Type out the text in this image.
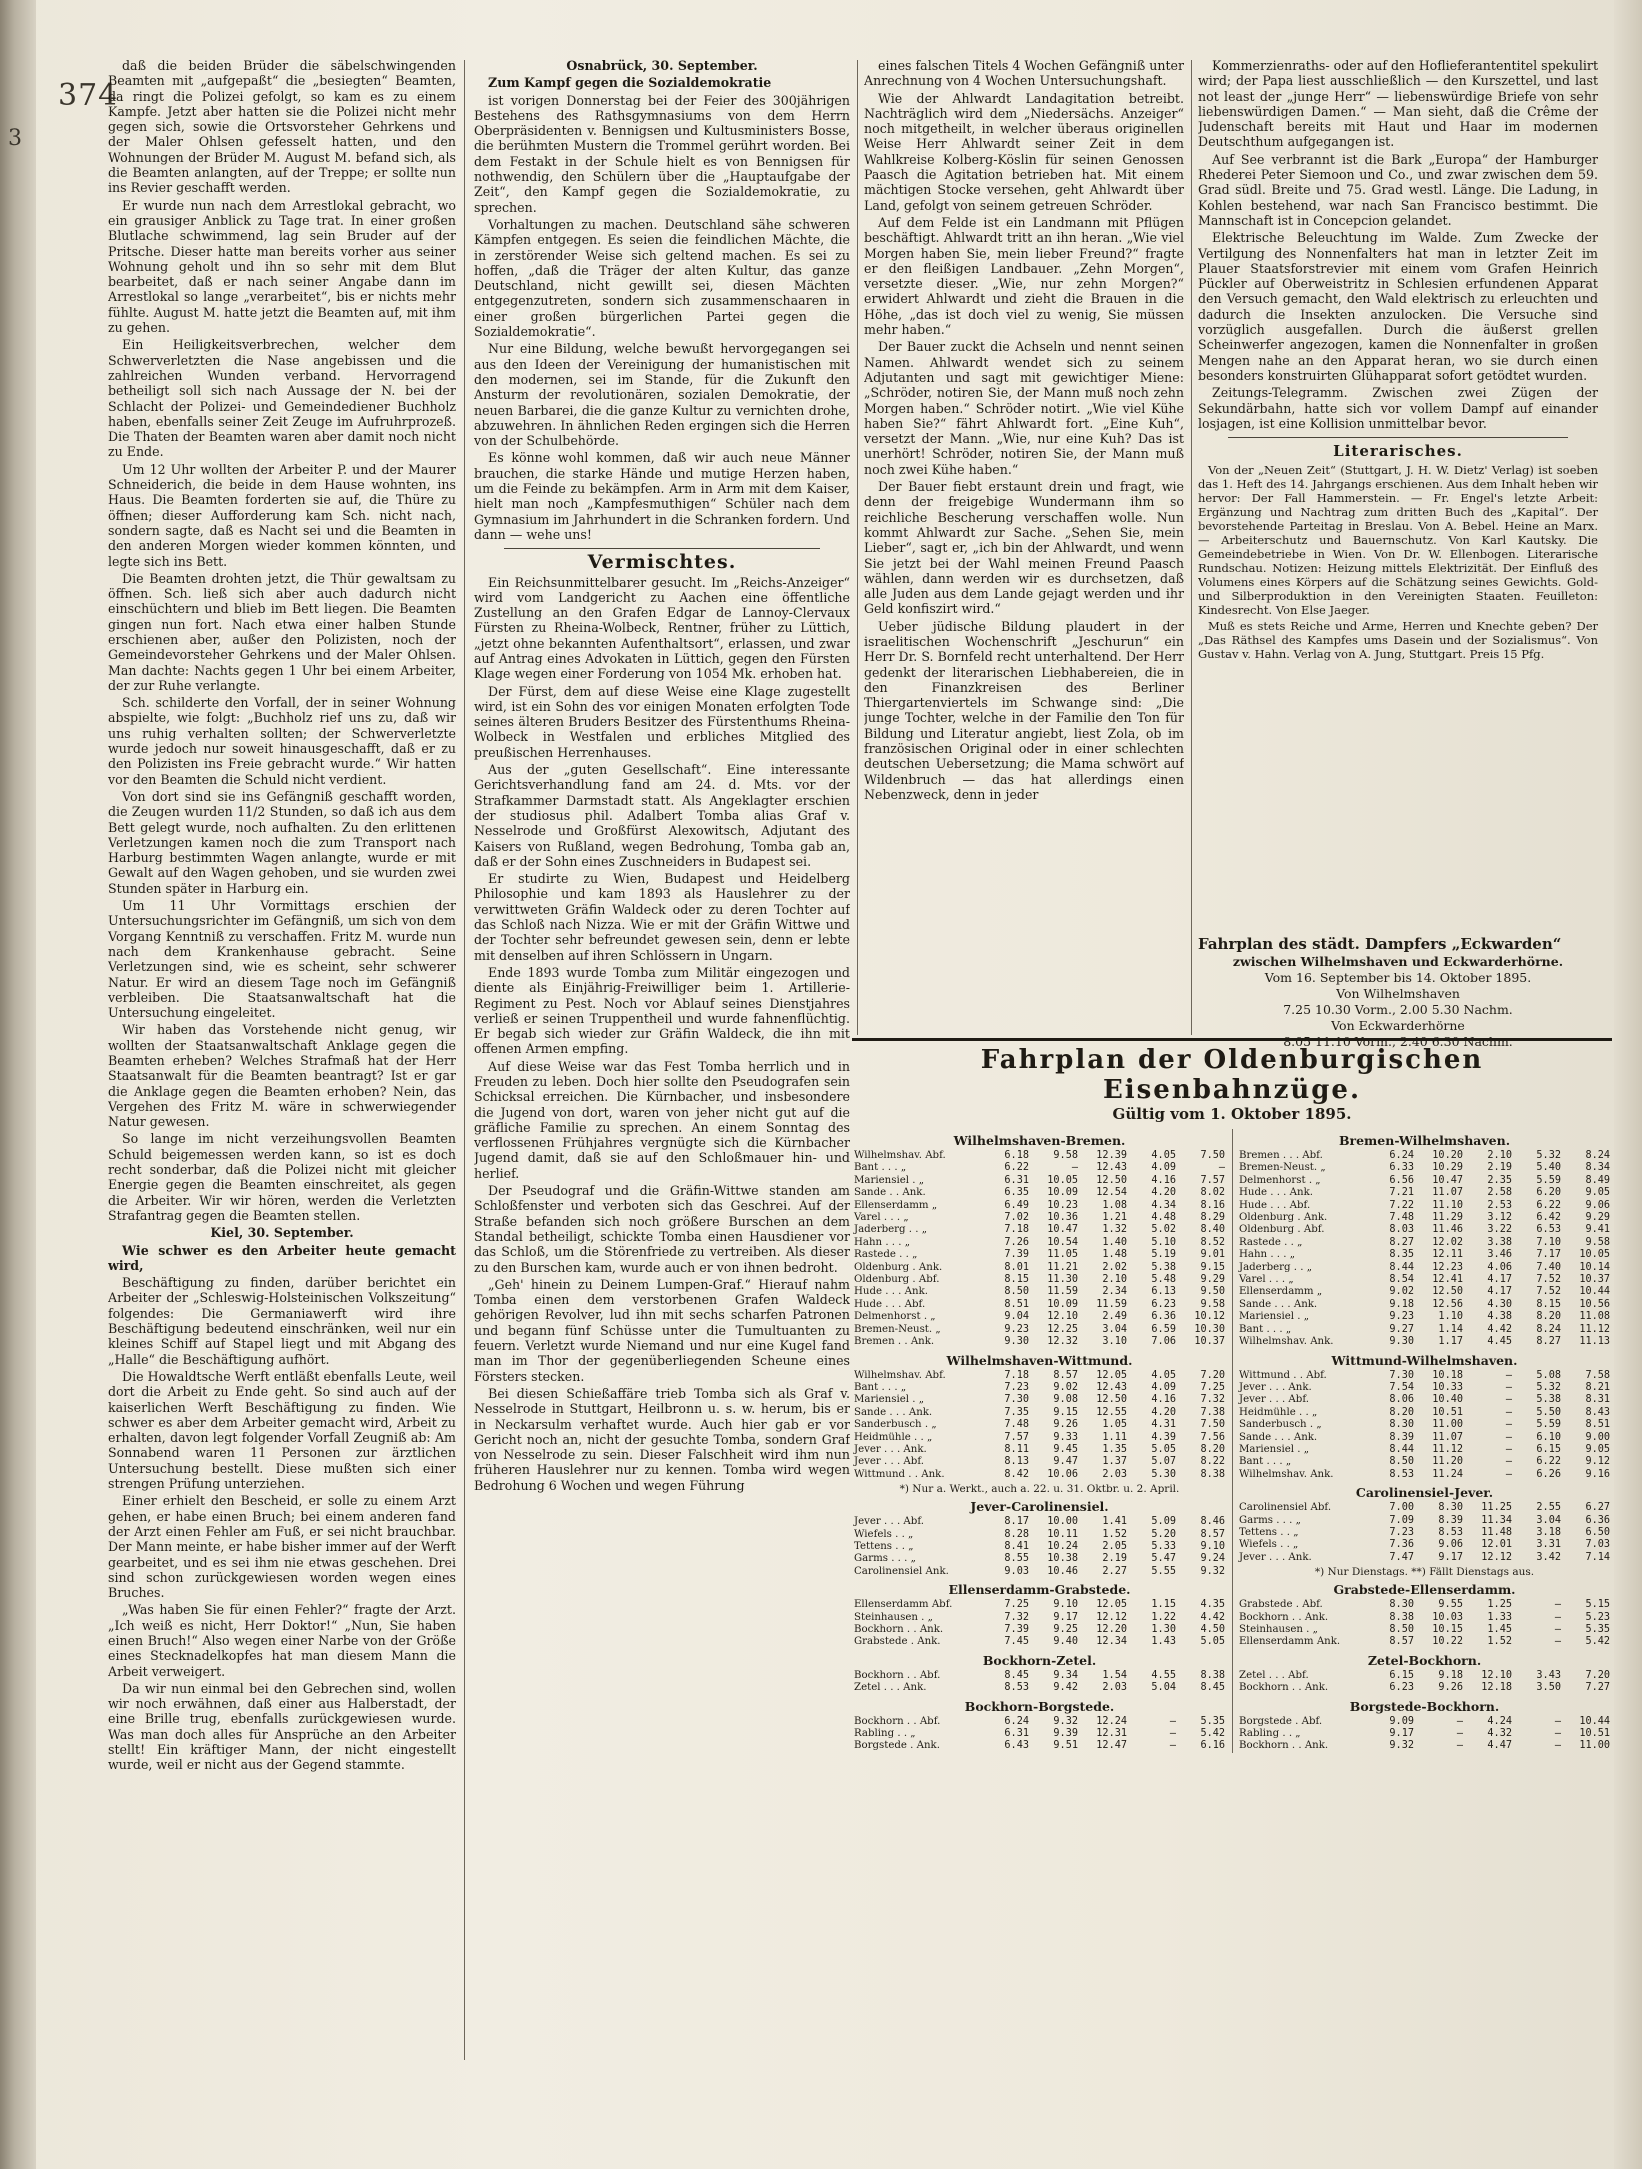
374
3

daß die beiden Brüder die säbelschwingenden Beamten mit „aufgepaßt“ die „besiegten“ Beamten, da ringt die Polizei gefolgt, so kam es zu einem Kampfe. Jetzt aber hatten sie die Polizei nicht mehr gegen sich, sowie die Ortsvorsteher Gehrkens und der Maler Ohlsen gefesselt hatten, und den Wohnungen der Brüder M. August M. befand sich, als die Beamten anlangten, auf der Treppe; er sollte nun ins Revier geschafft werden.

Er wurde nun nach dem Arrestlokal gebracht, wo ein grausiger Anblick zu Tage trat. In einer großen Blutlache schwimmend, lag sein Bruder auf der Pritsche. Dieser hatte man bereits vorher aus seiner Wohnung geholt und ihn so sehr mit dem Blut bearbeitet, daß er nach seiner Angabe dann im Arrestlokal so lange „verarbeitet“, bis er nichts mehr fühlte. August M. hatte jetzt die Beamten auf, mit ihm zu gehen.

Ein Heiligkeitsverbrechen, welcher dem Schwerverletzten die Nase angebissen und die zahlreichen Wunden verband. Hervorragend betheiligt soll sich nach Aussage der N. bei der Schlacht der Polizei- und Gemeindediener Buchholz haben, ebenfalls seiner Zeit Zeuge im Aufruhrprozeß. Die Thaten der Beamten waren aber damit noch nicht zu Ende.

Um 12 Uhr wollten der Arbeiter P. und der Maurer Schneiderich, die beide in dem Hause wohnten, ins Haus. Die Beamten forderten sie auf, die Thüre zu öffnen; dieser Aufforderung kam Sch. nicht nach, sondern sagte, daß es Nacht sei und die Beamten in den anderen Morgen wieder kommen könnten, und legte sich ins Bett.

Die Beamten drohten jetzt, die Thür gewaltsam zu öffnen. Sch. ließ sich aber auch dadurch nicht einschüchtern und blieb im Bett liegen. Die Beamten gingen nun fort. Nach etwa einer halben Stunde erschienen aber, außer den Polizisten, noch der Gemeindevorsteher Gehrkens und der Maler Ohlsen. Man dachte: Nachts gegen 1 Uhr bei einem Arbeiter, der zur Ruhe verlangte.

Sch. schilderte den Vorfall, der in seiner Wohnung abspielte, wie folgt: „Buchholz rief uns zu, daß wir uns ruhig verhalten sollten; der Schwerverletzte wurde jedoch nur soweit hinausgeschafft, daß er zu den Polizisten ins Freie gebracht wurde.“ Wir hatten vor den Beamten die Schuld nicht verdient.

Von dort sind sie ins Gefängniß geschafft worden, die Zeugen wurden 11/2 Stunden, so daß ich aus dem Bett gelegt wurde, noch aufhalten. Zu den erlittenen Verletzungen kamen noch die zum Transport nach Harburg bestimmten Wagen anlangte, wurde er mit Gewalt auf den Wagen gehoben, und sie wurden zwei Stunden später in Harburg ein.

Um 11 Uhr Vormittags erschien der Untersuchungsrichter im Gefängniß, um sich von dem Vorgang Kenntniß zu verschaffen. Fritz M. wurde nun nach dem Krankenhause gebracht. Seine Verletzungen sind, wie es scheint, sehr schwerer Natur. Er wird an diesem Tage noch im Gefängniß verbleiben. Die Staatsanwaltschaft hat die Untersuchung eingeleitet.

Wir haben das Vorstehende nicht genug, wir wollten der Staatsanwaltschaft Anklage gegen die Beamten erheben? Welches Strafmaß hat der Herr Staatsanwalt für die Beamten beantragt? Ist er gar die Anklage gegen die Beamten erhoben? Nein, das Vergehen des Fritz M. wäre in schwerwiegender Natur gewesen.

So lange im nicht verzeihungsvollen Beamten Schuld beigemessen werden kann, so ist es doch recht sonderbar, daß die Polizei nicht mit gleicher Energie gegen die Beamten einschreitet, als gegen die Arbeiter. Wir wir hören, werden die Verletzten Strafantrag gegen die Beamten stellen.

Kiel, 30. September.

Wie schwer es den Arbeiter heute gemacht wird,

Beschäftigung zu finden, darüber berichtet ein Arbeiter der „Schleswig-Holsteinischen Volkszeitung“ folgendes: Die Germaniawerft wird ihre Beschäftigung bedeutend einschränken, weil nur ein kleines Schiff auf Stapel liegt und mit Abgang des „Halle“ die Beschäftigung aufhört.

Die Howaldtsche Werft entläßt ebenfalls Leute, weil dort die Arbeit zu Ende geht. So sind auch auf der kaiserlichen Werft Beschäftigung zu finden. Wie schwer es aber dem Arbeiter gemacht wird, Arbeit zu erhalten, davon legt folgender Vorfall Zeugniß ab: Am Sonnabend waren 11 Personen zur ärztlichen Untersuchung bestellt. Diese mußten sich einer strengen Prüfung unterziehen.

Einer erhielt den Bescheid, er solle zu einem Arzt gehen, er habe einen Bruch; bei einem anderen fand der Arzt einen Fehler am Fuß, er sei nicht brauchbar. Der Mann meinte, er habe bisher immer auf der Werft gearbeitet, und es sei ihm nie etwas geschehen. Drei sind schon zurückgewiesen worden wegen eines Bruches.

„Was haben Sie für einen Fehler?“ fragte der Arzt. „Ich weiß es nicht, Herr Doktor!“ „Nun, Sie haben einen Bruch!“ Also wegen einer Narbe von der Größe eines Stecknadelkopfes hat man diesem Mann die Arbeit verweigert.

Da wir nun einmal bei den Gebrechen sind, wollen wir noch erwähnen, daß einer aus Halberstadt, der eine Brille trug, ebenfalls zurückgewiesen wurde. Was man doch alles für Ansprüche an den Arbeiter stellt! Ein kräftiger Mann, der nicht eingestellt wurde, weil er nicht aus der Gegend stammte.

Osnabrück, 30. September.

Zum Kampf gegen die Sozialdemokratie

ist vorigen Donnerstag bei der Feier des 300jährigen Bestehens des Rathsgymnasiums von dem Herrn Oberpräsidenten v. Bennigsen und Kultusministers Bosse, die berühmten Mustern die Trommel gerührt worden. Bei dem Festakt in der Schule hielt es von Bennigsen für nothwendig, den Schülern über die „Hauptaufgabe der Zeit“, den Kampf gegen die Sozialdemokratie, zu sprechen.

Vorhaltungen zu machen. Deutschland sähe schweren Kämpfen entgegen. Es seien die feindlichen Mächte, die in zerstörender Weise sich geltend machen. Es sei zu hoffen, „daß die Träger der alten Kultur, das ganze Deutschland, nicht gewillt sei, diesen Mächten entgegenzutreten, sondern sich zusammenschaaren in einer großen bürgerlichen Partei gegen die Sozialdemokratie“.

Nur eine Bildung, welche bewußt hervorgegangen sei aus den Ideen der Vereinigung der humanistischen mit den modernen, sei im Stande, für die Zukunft den Ansturm der revolutionären, sozialen Demokratie, der neuen Barbarei, die die ganze Kultur zu vernichten drohe, abzuwehren. In ähnlichen Reden ergingen sich die Herren von der Schulbehörde.

Es könne wohl kommen, daß wir auch neue Männer brauchen, die starke Hände und mutige Herzen haben, um die Feinde zu bekämpfen. Arm in Arm mit dem Kaiser, hielt man noch „Kampfesmuthigen“ Schüler nach dem Gymnasium im Jahrhundert in die Schranken fordern. Und dann — wehe uns!

Vermischtes.

Ein Reichsunmittelbarer gesucht. Im „Reichs-Anzeiger“ wird vom Landgericht zu Aachen eine öffentliche Zustellung an den Grafen Edgar de Lannoy-Clervaux Fürsten zu Rheina-Wolbeck, Rentner, früher zu Lüttich, „jetzt ohne bekannten Aufenthaltsort“, erlassen, und zwar auf Antrag eines Advokaten in Lüttich, gegen den Fürsten Klage wegen einer Forderung von 1054 Mk. erhoben hat.

Der Fürst, dem auf diese Weise eine Klage zugestellt wird, ist ein Sohn des vor einigen Monaten erfolgten Tode seines älteren Bruders Besitzer des Fürstenthums Rheina-Wolbeck in Westfalen und erbliches Mitglied des preußischen Herrenhauses.

Aus der „guten Gesellschaft“. Eine interessante Gerichtsverhandlung fand am 24. d. Mts. vor der Strafkammer Darmstadt statt. Als Angeklagter erschien der studiosus phil. Adalbert Tomba alias Graf v. Nesselrode und Großfürst Alexowitsch, Adjutant des Kaisers von Rußland, wegen Bedrohung, Tomba gab an, daß er der Sohn eines Zuschneiders in Budapest sei.

Er studirte zu Wien, Budapest und Heidelberg Philosophie und kam 1893 als Hauslehrer zu der verwittweten Gräfin Waldeck oder zu deren Tochter auf das Schloß nach Nizza. Wie er mit der Gräfin Wittwe und der Tochter sehr befreundet gewesen sein, denn er lebte mit denselben auf ihren Schlössern in Ungarn.

Ende 1893 wurde Tomba zum Militär eingezogen und diente als Einjährig-Freiwilliger beim 1. Artillerie-Regiment zu Pest. Noch vor Ablauf seines Dienstjahres verließ er seinen Truppentheil und wurde fahnenflüchtig. Er begab sich wieder zur Gräfin Waldeck, die ihn mit offenen Armen empfing.

Auf diese Weise war das Fest Tomba herrlich und in Freuden zu leben. Doch hier sollte den Pseudografen sein Schicksal erreichen. Die Kürnbacher, und insbesondere die Jugend von dort, waren von jeher nicht gut auf die gräfliche Familie zu sprechen. An einem Sonntag des verflossenen Frühjahres vergnügte sich die Kürnbacher Jugend damit, daß sie auf den Schloßmauer hin- und herlief.

Der Pseudograf und die Gräfin-Wittwe standen am Schloßfenster und verboten sich das Geschrei. Auf der Straße befanden sich noch größere Burschen an dem Standal betheiligt, schickte Tomba einen Hausdiener vor das Schloß, um die Störenfriede zu vertreiben. Als dieser zu den Burschen kam, wurde auch er von ihnen bedroht.

„Geh' hinein zu Deinem Lumpen-Graf.“ Hierauf nahm Tomba einen dem verstorbenen Grafen Waldeck gehörigen Revolver, lud ihn mit sechs scharfen Patronen und begann fünf Schüsse unter die Tumultuanten zu feuern. Verletzt wurde Niemand und nur eine Kugel fand man im Thor der gegenüberliegenden Scheune eines Försters stecken.

Bei diesen Schießaffäre trieb Tomba sich als Graf v. Nesselrode in Stuttgart, Heilbronn u. s. w. herum, bis er in Neckarsulm verhaftet wurde. Auch hier gab er vor Gericht noch an, nicht der gesuchte Tomba, sondern Graf von Nesselrode zu sein. Dieser Falschheit wird ihm nun früheren Hauslehrer nur zu kennen. Tomba wird wegen Bedrohung 6 Wochen und wegen Führung

eines falschen Titels 4 Wochen Gefängniß unter Anrechnung von 4 Wochen Untersuchungshaft.

Wie der Ahlwardt Landagitation betreibt. Nachträglich wird dem „Niedersächs. Anzeiger“ noch mitgetheilt, in welcher überaus originellen Weise Herr Ahlwardt seiner Zeit in dem Wahlkreise Kolberg-Köslin für seinen Genossen Paasch die Agitation betrieben hat. Mit einem mächtigen Stocke versehen, geht Ahlwardt über Land, gefolgt von seinem getreuen Schröder.

Auf dem Felde ist ein Landmann mit Pflügen beschäftigt. Ahlwardt tritt an ihn heran. „Wie viel Morgen haben Sie, mein lieber Freund?“ fragte er den fleißigen Landbauer. „Zehn Morgen“, versetzte dieser. „Wie, nur zehn Morgen?“ erwidert Ahlwardt und zieht die Brauen in die Höhe, „das ist doch viel zu wenig, Sie müssen mehr haben.“

Der Bauer zuckt die Achseln und nennt seinen Namen. Ahlwardt wendet sich zu seinem Adjutanten und sagt mit gewichtiger Miene: „Schröder, notiren Sie, der Mann muß noch zehn Morgen haben.“ Schröder notirt. „Wie viel Kühe haben Sie?“ fährt Ahlwardt fort. „Eine Kuh“, versetzt der Mann. „Wie, nur eine Kuh? Das ist unerhört! Schröder, notiren Sie, der Mann muß noch zwei Kühe haben.“

Der Bauer fiebt erstaunt drein und fragt, wie denn der freigebige Wundermann ihm so reichliche Bescherung verschaffen wolle. Nun kommt Ahlwardt zur Sache. „Sehen Sie, mein Lieber“, sagt er, „ich bin der Ahlwardt, und wenn Sie jetzt bei der Wahl meinen Freund Paasch wählen, dann werden wir es durchsetzen, daß alle Juden aus dem Lande gejagt werden und ihr Geld konfiszirt wird.“

Ueber jüdische Bildung plaudert in der israelitischen Wochenschrift „Jeschurun“ ein Herr Dr. S. Bornfeld recht unterhaltend. Der Herr gedenkt der literarischen Liebhabereien, die in den Finanzkreisen des Berliner Thiergartenviertels im Schwange sind: „Die junge Tochter, welche in der Familie den Ton für Bildung und Literatur angiebt, liest Zola, ob im französischen Original oder in einer schlechten deutschen Uebersetzung; die Mama schwört auf Wildenbruch — das hat allerdings einen Nebenzweck, denn in jeder

Kommerzienraths- oder auf den Hoflieferantentitel spekulirt wird; der Papa liest ausschließlich — den Kurszettel, und last not least der „junge Herr“ — liebenswürdige Briefe von sehr liebenswürdigen Damen.“ — Man sieht, daß die Crême der Judenschaft bereits mit Haut und Haar im modernen Deutschthum aufgegangen ist.

Auf See verbrannt ist die Bark „Europa“ der Hamburger Rhederei Peter Siemoon und Co., und zwar zwischen dem 59. Grad südl. Breite und 75. Grad westl. Länge. Die Ladung, in Kohlen bestehend, war nach San Francisco bestimmt. Die Mannschaft ist in Concepcion gelandet.

Elektrische Beleuchtung im Walde. Zum Zwecke der Vertilgung des Nonnenfalters hat man in letzter Zeit im Plauer Staatsforstrevier mit einem vom Grafen Heinrich Pückler auf Oberweistritz in Schlesien erfundenen Apparat den Versuch gemacht, den Wald elektrisch zu erleuchten und dadurch die Insekten anzulocken. Die Versuche sind vorzüglich ausgefallen. Durch die äußerst grellen Scheinwerfer angezogen, kamen die Nonnenfalter in großen Mengen nahe an den Apparat heran, wo sie durch einen besonders konstruirten Glühapparat sofort getödtet wurden.

Zeitungs-Telegramm. Zwischen zwei Zügen der Sekundärbahn, hatte sich vor vollem Dampf auf einander losjagen, ist eine Kollision unmittelbar bevor.

Literarisches.

Von der „Neuen Zeit“ (Stuttgart, J. H. W. Dietz' Verlag) ist soeben das 1. Heft des 14. Jahrgangs erschienen. Aus dem Inhalt heben wir hervor: Der Fall Hammerstein. — Fr. Engel's letzte Arbeit: Ergänzung und Nachtrag zum dritten Buch des „Kapital“. Der bevorstehende Parteitag in Breslau. Von A. Bebel. Heine an Marx. — Arbeiterschutz und Bauernschutz. Von Karl Kautsky. Die Gemeindebetriebe in Wien. Von Dr. W. Ellenbogen. Literarische Rundschau. Notizen: Heizung mittels Elektrizität. Der Einfluß des Volumens eines Körpers auf die Schätzung seines Gewichts. Gold- und Silberproduktion in den Vereinigten Staaten. Feuilleton: Kindesrecht. Von Else Jaeger.

Muß es stets Reiche und Arme, Herren und Knechte geben? Der „Das Räthsel des Kampfes ums Dasein und der Sozialismus“. Von Gustav v. Hahn. Verlag von A. Jung, Stuttgart. Preis 15 Pfg.

Fahrplan des städt. Dampfers „Eckwarden“
zwischen Wilhelmshaven und Eckwarderhörne.
Vom 16. September bis 14. Oktober 1895.
Von Wilhelmshaven
7.25 10.30 Vorm., 2.00 5.30 Nachm.
Von Eckwarderhörne
8.05 11.10 Vorm., 2.40 6.30 Nachm.
Fahrplan der Oldenburgischen Eisenbahnzüge.
Gültig vom 1. Oktober 1895.
Wilhelmshaven-Bremen.
Wilhelmshav. Abf.	6.18	9.58	12.39	4.05	7.50
Bant . . . „	6.22	—	12.43	4.09	—
Mariensiel . „	6.31	10.05	12.50	4.16	7.57
Sande . . Ank.	6.35	10.09	12.54	4.20	8.02
Ellenserdamm „	6.49	10.23	1.08	4.34	8.16
Varel . . . „	7.02	10.36	1.21	4.48	8.29
Jaderberg . . „	7.18	10.47	1.32	5.02	8.40
Hahn . . . „	7.26	10.54	1.40	5.10	8.52
Rastede . . „	7.39	11.05	1.48	5.19	9.01
Oldenburg . Ank.	8.01	11.21	2.02	5.38	9.15
Oldenburg . Abf.	8.15	11.30	2.10	5.48	9.29
Hude . . . Ank.	8.50	11.59	2.34	6.13	9.50
Hude . . . Abf.	8.51	10.09	11.59	6.23	9.58
Delmenhorst . „	9.04	12.10	2.49	6.36	10.12
Bremen-Neust. „	9.23	12.25	3.04	6.59	10.30
Bremen . . Ank.	9.30	12.32	3.10	7.06	10.37
Wilhelmshaven-Wittmund.
Wilhelmshav. Abf.	7.18	8.57	12.05	4.05	7.20
Bant . . . „	7.23	9.02	12.43	4.09	7.25
Mariensiel . „	7.30	9.08	12.50	4.16	7.32
Sande . . . Ank.	7.35	9.15	12.55	4.20	7.38
Sanderbusch . „	7.48	9.26	1.05	4.31	7.50
Heidmühle . . „	7.57	9.33	1.11	4.39	7.56
Jever . . . Ank.	8.11	9.45	1.35	5.05	8.20
Jever . . . Abf.	8.13	9.47	1.37	5.07	8.22
Wittmund . . Ank.	8.42	10.06	2.03	5.30	8.38
*) Nur a. Werkt., auch a. 22. u. 31. Oktbr. u. 2. April.
Jever-Carolinensiel.
Jever . . . Abf.	8.17	10.00	1.41	5.09	8.46
Wiefels . . „	8.28	10.11	1.52	5.20	8.57
Tettens . . „	8.41	10.24	2.05	5.33	9.10
Garms . . . „	8.55	10.38	2.19	5.47	9.24
Carolinensiel Ank.	9.03	10.46	2.27	5.55	9.32
Ellenserdamm-Grabstede.
Ellenserdamm Abf.	7.25	9.10	12.05	1.15	4.35
Steinhausen . „	7.32	9.17	12.12	1.22	4.42
Bockhorn . . Ank.	7.39	9.25	12.20	1.30	4.50
Grabstede . Ank.	7.45	9.40	12.34	1.43	5.05
Bockhorn-Zetel.
Bockhorn . . Abf.	8.45	9.34	1.54	4.55	8.38
Zetel . . . Ank.	8.53	9.42	2.03	5.04	8.45
Bockhorn-Borgstede.
Bockhorn . . Abf.	6.24	9.32	12.24	—	5.35
Rabling . . „	6.31	9.39	12.31	—	5.42
Borgstede . Ank.	6.43	9.51	12.47	—	6.16
Bremen-Wilhelmshaven.
Bremen . . . Abf.	6.24	10.20	2.10	5.32	8.24
Bremen-Neust. „	6.33	10.29	2.19	5.40	8.34
Delmenhorst . „	6.56	10.47	2.35	5.59	8.49
Hude . . . Ank.	7.21	11.07	2.58	6.20	9.05
Hude . . . Abf.	7.22	11.10	2.53	6.22	9.06
Oldenburg . Ank.	7.48	11.29	3.12	6.42	9.29
Oldenburg . Abf.	8.03	11.46	3.22	6.53	9.41
Rastede . . „	8.27	12.02	3.38	7.10	9.58
Hahn . . . „	8.35	12.11	3.46	7.17	10.05
Jaderberg . . „	8.44	12.23	4.06	7.40	10.14
Varel . . . „	8.54	12.41	4.17	7.52	10.37
Ellenserdamm „	9.02	12.50	4.17	7.52	10.44
Sande . . . Ank.	9.18	12.56	4.30	8.15	10.56
Mariensiel . „	9.23	1.10	4.38	8.20	11.08
Bant . . . „	9.27	1.14	4.42	8.24	11.12
Wilhelmshav. Ank.	9.30	1.17	4.45	8.27	11.13
Wittmund-Wilhelmshaven.
Wittmund . . Abf.	7.30	10.18	—	5.08	7.58
Jever . . . Ank.	7.54	10.33	—	5.32	8.21
Jever . . . Abf.	8.06	10.40	—	5.38	8.31
Heidmühle . . „	8.20	10.51	—	5.50	8.43
Sanderbusch . „	8.30	11.00	—	5.59	8.51
Sande . . . Ank.	8.39	11.07	—	6.10	9.00
Mariensiel . „	8.44	11.12	—	6.15	9.05
Bant . . . „	8.50	11.20	—	6.22	9.12
Wilhelmshav. Ank.	8.53	11.24	—	6.26	9.16
Carolinensiel-Jever.
Carolinensiel Abf.	7.00	8.30	11.25	2.55	6.27
Garms . . . „	7.09	8.39	11.34	3.04	6.36
Tettens . . „	7.23	8.53	11.48	3.18	6.50
Wiefels . . „	7.36	9.06	12.01	3.31	7.03
Jever . . . Ank.	7.47	9.17	12.12	3.42	7.14
*) Nur Dienstags. **) Fällt Dienstags aus.
Grabstede-Ellenserdamm.
Grabstede . Abf.	8.30	9.55	1.25	—	5.15
Bockhorn . . Ank.	8.38	10.03	1.33	—	5.23
Steinhausen . „	8.50	10.15	1.45	—	5.35
Ellenserdamm Ank.	8.57	10.22	1.52	—	5.42
Zetel-Bockhorn.
Zetel . . . Abf.	6.15	9.18	12.10	3.43	7.20
Bockhorn . . Ank.	6.23	9.26	12.18	3.50	7.27
Borgstede-Bockhorn.
Borgstede . Abf.	9.09	—	4.24	—	10.44
Rabling . . „	9.17	—	4.32	—	10.51
Bockhorn . . Ank.	9.32	—	4.47	—	11.00
